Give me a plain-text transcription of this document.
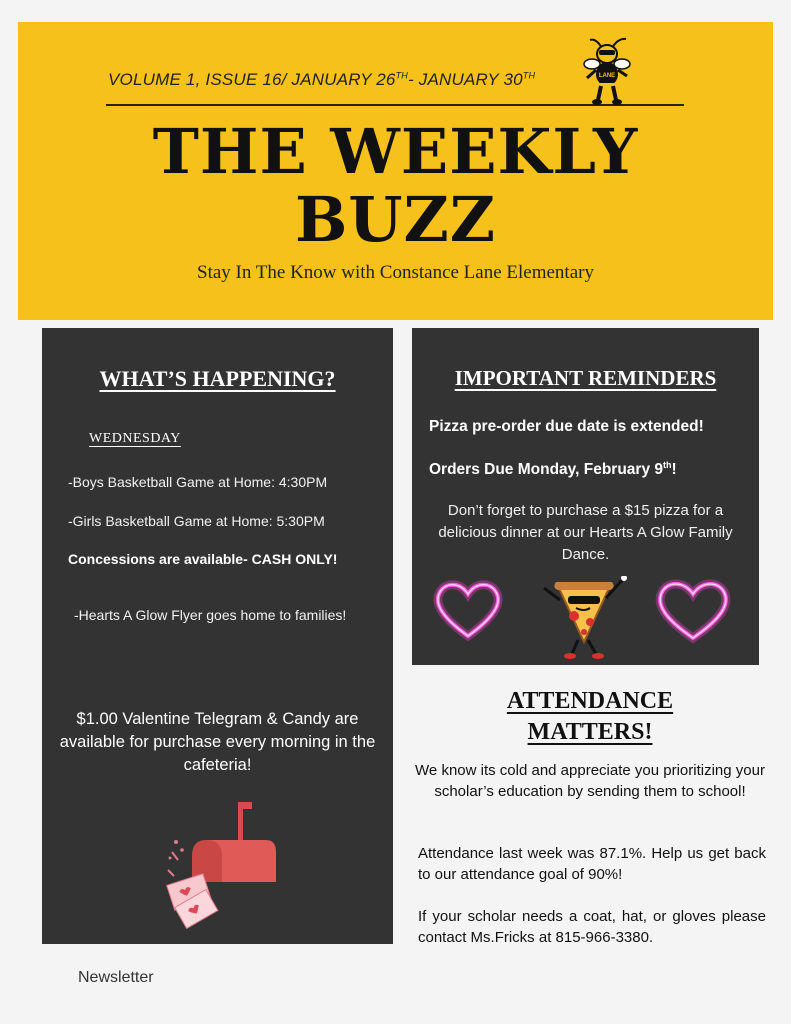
VOLUME 1, ISSUE 16/ JANUARY 26TH- JANUARY 30TH	LANE
THE WEEKLY
BUZZ
Stay In The Know with Constance Lane Elementary
WHAT’S HAPPENING?
WEDNESDAY
-Boys Basketball Game at Home: 4:30PM
-Girls Basketball Game at Home: 5:30PM
Concessions are available- CASH ONLY!
-Hearts A Glow Flyer goes home to families!
$1.00 Valentine Telegram & Candy are available for purchase every morning in the cafeteria!
IMPORTANT REMINDERS
Pizza pre-order due date is extended!
Orders Due Monday, February 9th!
Don’t forget to purchase a $15 pizza for a delicious dinner at our Hearts A Glow Family Dance.
ATTENDANCE
MATTERS!
We know its cold and appreciate you prioritizing your scholar’s education by sending them to school!
Attendance last week was 87.1%. Help us get back to our attendance goal of 90%!
If your scholar needs a coat, hat, or gloves please contact Ms.Fricks at 815-966-3380.
Newsletter
